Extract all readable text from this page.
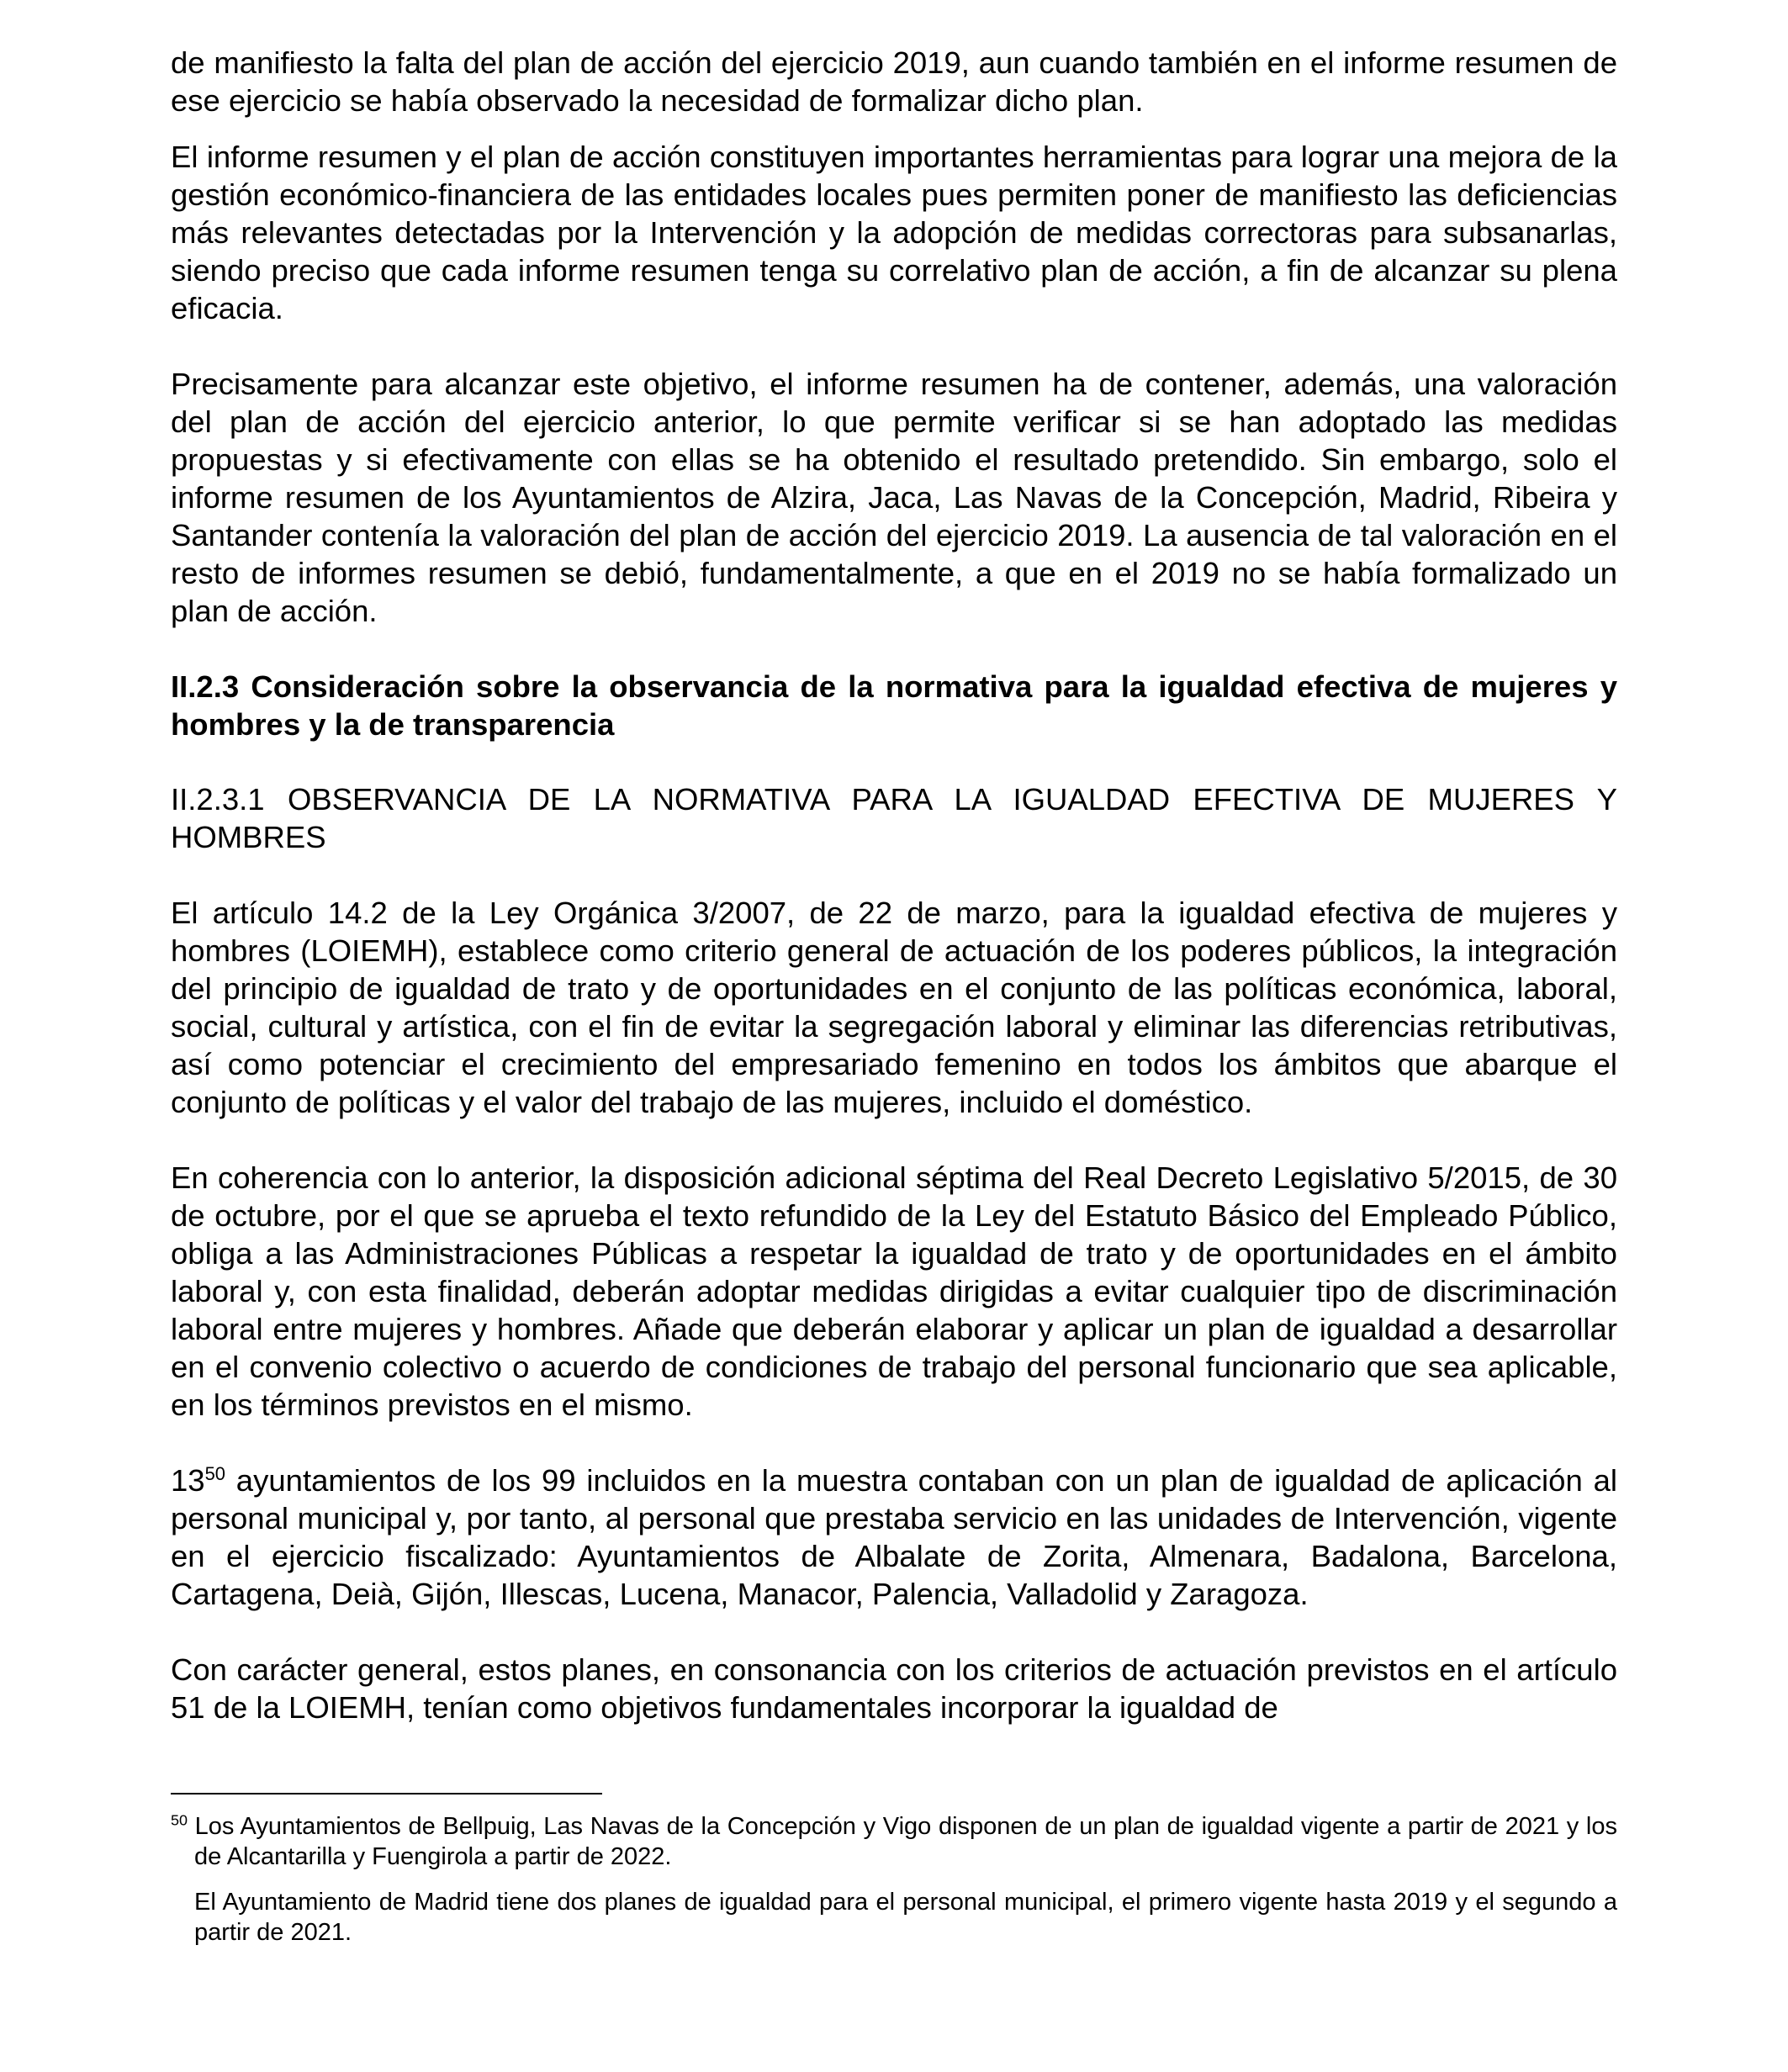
de manifiesto la falta del plan de acción del ejercicio 2019, aun cuando también en el informe resumen de ese ejercicio se había observado la necesidad de formalizar dicho plan.

El informe resumen y el plan de acción constituyen importantes herramientas para lograr una mejora de la gestión económico-financiera de las entidades locales pues permiten poner de manifiesto las deficiencias más relevantes detectadas por la Intervención y la adopción de medidas correctoras para subsanarlas, siendo preciso que cada informe resumen tenga su correlativo plan de acción, a fin de alcanzar su plena eficacia.

Precisamente para alcanzar este objetivo, el informe resumen ha de contener, además, una valoración del plan de acción del ejercicio anterior, lo que permite verificar si se han adoptado las medidas propuestas y si efectivamente con ellas se ha obtenido el resultado pretendido. Sin embargo, solo el informe resumen de los Ayuntamientos de Alzira, Jaca, Las Navas de la Concepción, Madrid, Ribeira y Santander contenía la valoración del plan de acción del ejercicio 2019. La ausencia de tal valoración en el resto de informes resumen se debió, fundamentalmente, a que en el 2019 no se había formalizado un plan de acción.

II.2.3 Consideración sobre la observancia de la normativa para la igualdad efectiva de mujeres y hombres y la de transparencia

II.2.3.1 OBSERVANCIA DE LA NORMATIVA PARA LA IGUALDAD EFECTIVA DE MUJERES Y HOMBRES

El artículo 14.2 de la Ley Orgánica 3/2007, de 22 de marzo, para la igualdad efectiva de mujeres y hombres (LOIEMH), establece como criterio general de actuación de los poderes públicos, la integración del principio de igualdad de trato y de oportunidades en el conjunto de las políticas económica, laboral, social, cultural y artística, con el fin de evitar la segregación laboral y eliminar las diferencias retributivas, así como potenciar el crecimiento del empresariado femenino en todos los ámbitos que abarque el conjunto de políticas y el valor del trabajo de las mujeres, incluido el doméstico.

En coherencia con lo anterior, la disposición adicional séptima del Real Decreto Legislativo 5/2015, de 30 de octubre, por el que se aprueba el texto refundido de la Ley del Estatuto Básico del Empleado Público, obliga a las Administraciones Públicas a respetar la igualdad de trato y de oportunidades en el ámbito laboral y, con esta finalidad, deberán adoptar medidas dirigidas a evitar cualquier tipo de discriminación laboral entre mujeres y hombres. Añade que deberán elaborar y aplicar un plan de igualdad a desarrollar en el convenio colectivo o acuerdo de condiciones de trabajo del personal funcionario que sea aplicable, en los términos previstos en el mismo.

$13^{50}$ ayuntamientos de los 99 incluidos en la muestra contaban con un plan de igualdad de aplicación al personal municipal y, por tanto, al personal que prestaba servicio en las unidades de Intervención, vigente en el ejercicio fiscalizado: Ayuntamientos de Albalate de Zorita, Almenara, Badalona, Barcelona, Cartagena, Deià, Gijón, Illescas, Lucena, Manacor, Palencia, Valladolid y Zaragoza.

Con carácter general, estos planes, en consonancia con los criterios de actuación previstos en el artículo 51 de la LOIEMH, tenían como objetivos fundamentales incorporar la igualdad de

$^{50}$ Los Ayuntamientos de Bellpuig, Las Navas de la Concepción y Vigo disponen de un plan de igualdad vigente a partir de 2021 y los de Alcantarilla y Fuengirola a partir de 2022.

El Ayuntamiento de Madrid tiene dos planes de igualdad para el personal municipal, el primero vigente hasta 2019 y el segundo a partir de 2021.
